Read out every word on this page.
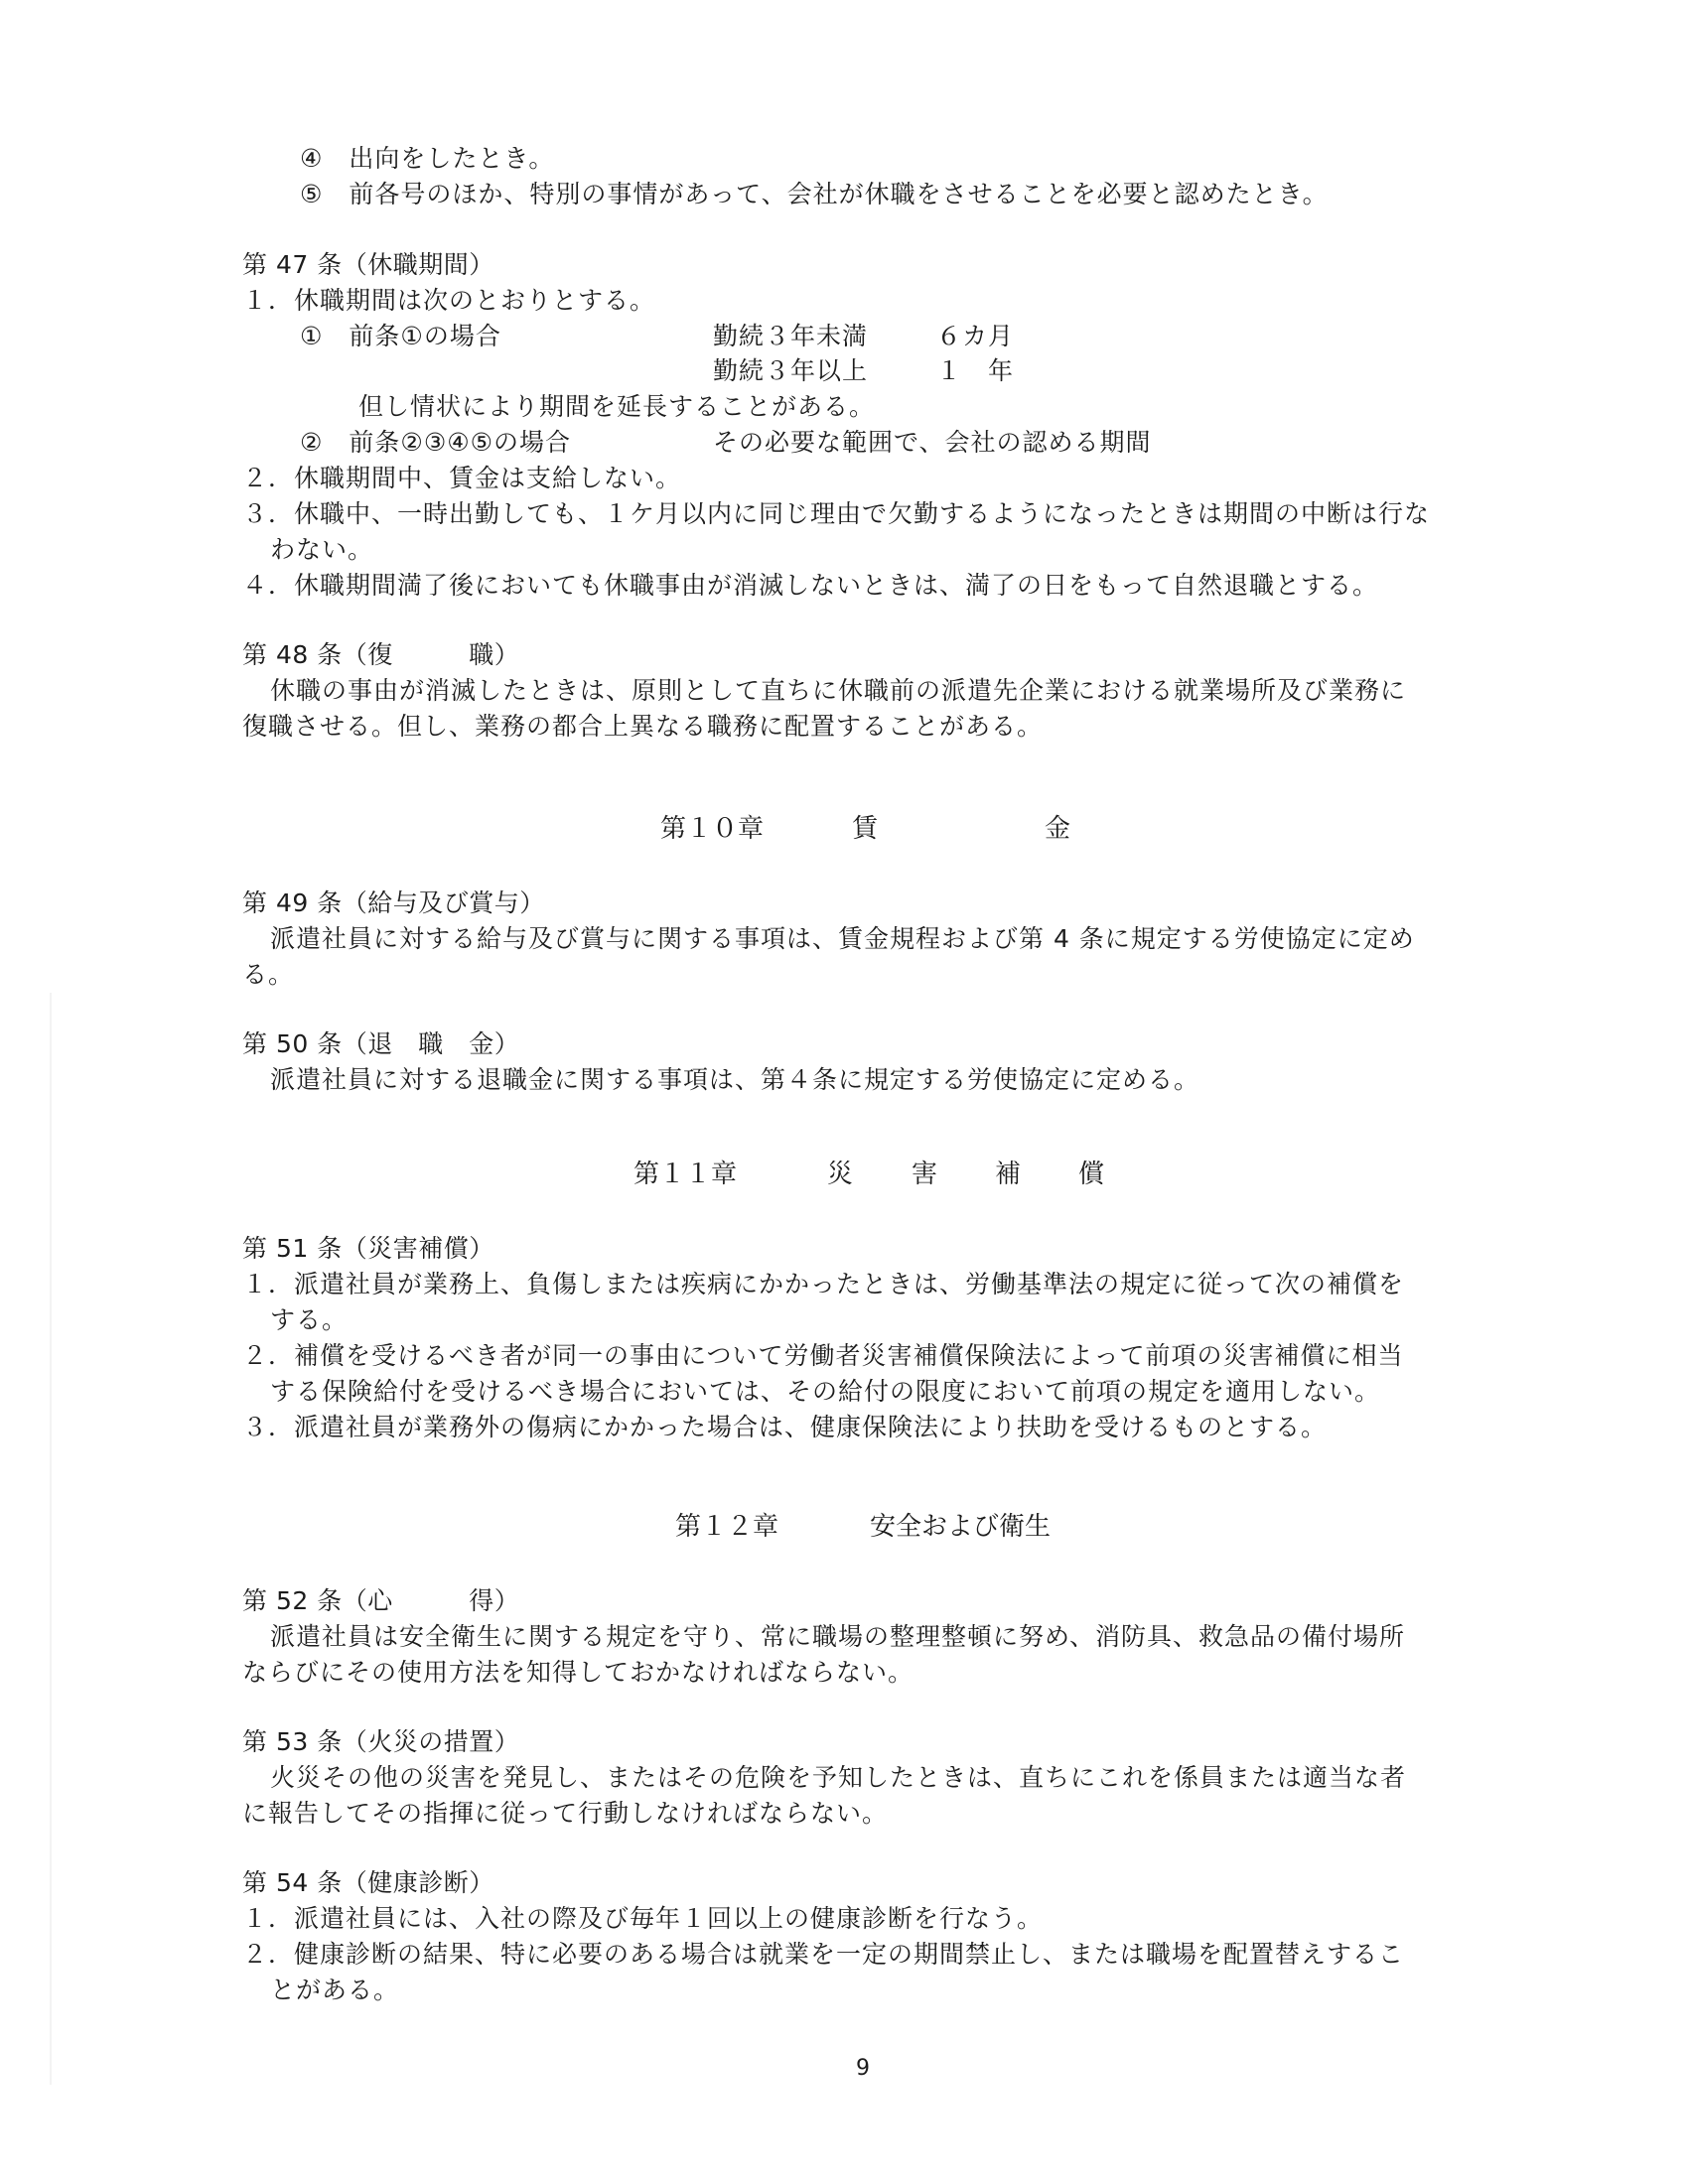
④　出向をしたとき。
⑤　前各号のほか、特別の事情があって、会社が休職をさせることを必要と認めたとき。
第 47 条（休職期間）
１．休職期間は次のとおりとする。
①　前条①の場合	勤続３年未満	６カ月
勤続３年以上	１　年
但し情状により期間を延長することがある。
②　前条②③④⑤の場合	その必要な範囲で、会社の認める期間
２．休職期間中、賃金は支給しない。
３．休職中、一時出勤しても、１ケ月以内に同じ理由で欠勤するようになったときは期間の中断は行な
わない。
４．休職期間満了後においても休職事由が消滅しないときは、満了の日をもって自然退職とする。
第 48 条（復　　　職）
休職の事由が消滅したときは、原則として直ちに休職前の派遣先企業における就業場所及び業務に
復職させる。但し、業務の都合上異なる職務に配置することがある。
第１０章	賃	金
第 49 条（給与及び賞与）
派遣社員に対する給与及び賞与に関する事項は、賃金規程および第 4 条に規定する労使協定に定め
る。
第 50 条（退　職　金）
派遣社員に対する退職金に関する事項は、第４条に規定する労使協定に定める。
第１１章	災 害 補 償
第 51 条（災害補償）
１．派遣社員が業務上、負傷しまたは疾病にかかったときは、労働基準法の規定に従って次の補償を
する。
２．補償を受けるべき者が同一の事由について労働者災害補償保険法によって前項の災害補償に相当
する保険給付を受けるべき場合においては、その給付の限度において前項の規定を適用しない。
３．派遣社員が業務外の傷病にかかった場合は、健康保険法により扶助を受けるものとする。
第１２章	安全および衛生
第 52 条（心　　　得）
派遣社員は安全衛生に関する規定を守り、常に職場の整理整頓に努め、消防具、救急品の備付場所
ならびにその使用方法を知得しておかなければならない。
第 53 条（火災の措置）
火災その他の災害を発見し、またはその危険を予知したときは、直ちにこれを係員または適当な者
に報告してその指揮に従って行動しなければならない。
第 54 条（健康診断）
１．派遣社員には、入社の際及び毎年１回以上の健康診断を行なう。
２．健康診断の結果、特に必要のある場合は就業を一定の期間禁止し、または職場を配置替えするこ
とがある。
9
